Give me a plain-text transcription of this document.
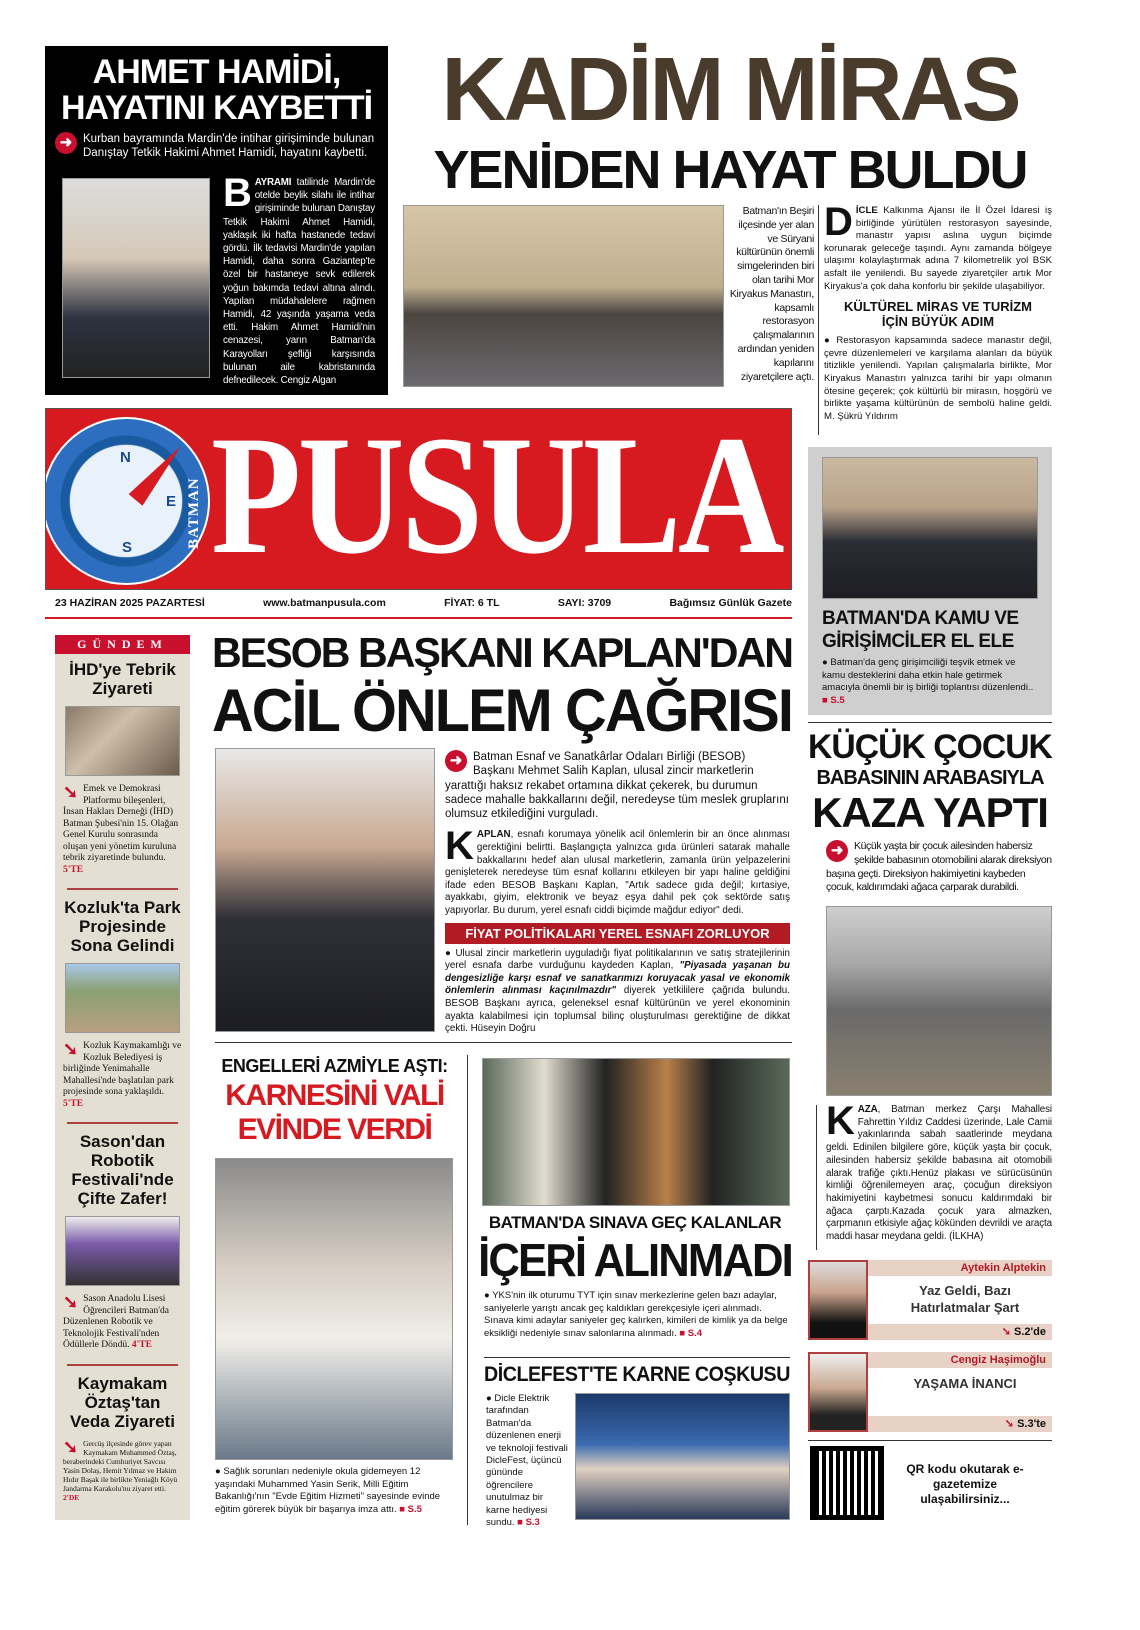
AHMET HAMİDİ,
HAYATINI KAYBETTİ
➜ Kurban bayramında Mardin'de intihar girişiminde bulunan Danıştay Tetkik Hakimi Ahmet Hamidi, hayatını kaybetti.
BAYRAMI tatilinde Mardin'de otelde beylik silahı ile intihar girişiminde bulunan Danıştay Tetkik Hakimi Ahmet Hamidi, yaklaşık iki hafta hastanede tedavi gördü. İlk tedavisi Mardin'de yapılan Hamidi, daha sonra Gaziantep'te özel bir hastaneye sevk edilerek yoğun bakımda tedavi altına alındı. Yapılan müdahalelere rağmen Hamidi, 42 yaşında yaşama veda etti. Hakim Ahmet Hamidi'nin cenazesi, yarın Batman'da Karayolları şefliği karşısında bulunan aile kabristanında defnedilecek. Cengiz Algan
KADİM MİRAS
YENİDEN HAYAT BULDU
Batman'ın Beşiri ilçesinde yer alan ve Süryani kültürünün önemli simgelerinden biri olan tarihi Mor Kiryakus Manastırı, kapsamlı restorasyon çalışmalarının ardından yeniden kapılarını ziyaretçilere açtı.
DİCLE Kalkınma Ajansı ile İl Özel İdaresi iş birliğinde yürütülen restorasyon sayesinde, manastır yapısı aslına uygun biçimde korunarak geleceğe taşındı. Aynı zamanda bölgeye ulaşımı kolaylaştırmak adına 7 kilometrelik yol BSK asfalt ile yenilendi. Bu sayede ziyaretçiler artık Mor Kiryakus'a çok daha konforlu bir şekilde ulaşabiliyor.
KÜLTÜREL MİRAS VE TURİZM İÇİN BÜYÜK ADIM
● Restorasyon kapsamında sadece manastır değil, çevre düzenlemeleri ve karşılama alanları da büyük titizlikle yenilendi. Yapılan çalışmalarla birlikte, Mor Kiryakus Manastırı yalnızca tarihi bir yapı olmanın ötesine geçerek; çok kültürlü bir mirasın, hoşgörü ve birlikte yaşama kültürünün de sembolü haline geldi. M. Şükrü Yıldırım
N
E
S	BATMAN PUSULA
23 HAZİRAN 2025 PAZARTESİ	www.batmanpusula.com	FİYAT: 6 TL	SAYI: 3709	Bağımsız Günlük Gazete
BATMAN'DA KAMU VE GİRİŞİMCİLER EL ELE
● Batman'da genç girişimciliği teşvik etmek ve kamu desteklerini daha etkin hale getirmek amacıyla önemli bir iş birliği toplantısı düzenlendi.. ■ S.5
GÜNDEM
İHD'ye Tebrik Ziyareti
➘ Emek ve Demokrasi Platformu bileşenleri, İnsan Hakları Derneği (İHD) Batman Şubesi'nin 15. Olağan Genel Kurulu sonrasında oluşan yeni yönetim kuruluna tebrik ziyaretinde bulundu. 5'TE
Kozluk'ta Park Projesinde Sona Gelindi
➘ Kozluk Kaymakamlığı ve Kozluk Belediyesi iş birliğinde Yenimahalle Mahallesi'nde başlatılan park projesinde sona yaklaşıldı. 5'TE
Sason'dan Robotik Festivali'nde Çifte Zafer!
➘ Sason Anadolu Lisesi Öğrencileri Batman'da Düzenlenen Robotik ve Teknolojik Festivali'nden Ödüllerle Döndü. 4'TE
Kaymakam Öztaş'tan Veda Ziyareti
➘ Gercüş ilçesinde görev yapan Kaymakam Muhammed Öztaş, beraberindeki Cumhuriyet Savcısı Yasin Dolaş, Hemit Yılmaz ve Hakim Hıdır Başak ile birlikte Yeniağlı Köyü Jandarma Karakolu'nu ziyaret etti. 2'DE
BESOB BAŞKANI KAPLAN'DAN
ACİL ÖNLEM ÇAĞRISI
➜ Batman Esnaf ve Sanatkârlar Odaları Birliği (BESOB) Başkanı Mehmet Salih Kaplan, ulusal zincir marketlerin yarattığı haksız rekabet ortamına dikkat çekerek, bu durumun sadece mahalle bakkallarını değil, neredeyse tüm meslek gruplarını olumsuz etkilediğini vurguladı.
KAPLAN, esnafı korumaya yönelik acil önlemlerin bir an önce alınması gerektiğini belirtti. Başlangıçta yalnızca gıda ürünleri satarak mahalle bakkallarını hedef alan ulusal marketlerin, zamanla ürün yelpazelerini genişleterek neredeyse tüm esnaf kollarını etkileyen bir yapı haline geldiğini ifade eden BESOB Başkanı Kaplan, "Artık sadece gıda değil; kırtasiye, ayakkabı, giyim, elektronik ve beyaz eşya dahil pek çok sektörde satış yapıyorlar. Bu durum, yerel esnafı ciddi biçimde mağdur ediyor" dedi.
FİYAT POLİTİKALARI YEREL ESNAFI ZORLUYOR
● Ulusal zincir marketlerin uyguladığı fiyat politikalarının ve satış stratejilerinin yerel esnafa darbe vurduğunu kaydeden Kaplan, "Piyasada yaşanan bu dengesizliğe karşı esnaf ve sanatkarımızı koruyacak yasal ve ekonomik önlemlerin alınması kaçınılmazdır" diyerek yetkililere çağrıda bulundu. BESOB Başkanı ayrıca, geleneksel esnaf kültürünün ve yerel ekonominin ayakta kalabilmesi için toplumsal bilinç oluşturulması gerektiğine de dikkat çekti. Hüseyin Doğru
ENGELLERİ AZMİYLE AŞTI:
KARNESİNİ VALİ EVİNDE VERDİ
● Sağlık sorunları nedeniyle okula gidemeyen 12 yaşındaki Muhammed Yasin Serik, Milli Eğitim Bakanlığı'nın "Evde Eğitim Hizmeti" sayesinde evinde eğitim görerek büyük bir başarıya imza attı. ■ S.5
BATMAN'DA SINAVA GEÇ KALANLAR
İÇERİ ALINMADI
● YKS'nin ilk oturumu TYT için sınav merkezlerine gelen bazı adaylar, saniyelerle yarıştı ancak geç kaldıkları gerekçesiyle içeri alınmadı. Sınava kimi adaylar saniyeler geç kalırken, kimileri de kimlik ya da belge eksikliği nedeniyle sınav salonlarına alınmadı. ■ S.4
DİCLEFEST'TE KARNE COŞKUSU
● Dicle Elektrik tarafından Batman'da düzenlenen enerji ve teknoloji festivali DicleFest, üçüncü gününde öğrencilere unutulmaz bir karne hediyesi sundu. ■ S.3
KÜÇÜK ÇOCUK
BABASININ ARABASIYLA
KAZA YAPTI
➜	Küçük yaşta bir çocuk ailesinden habersiz şekilde babasının otomobilini alarak direksiyon başına geçti. Direksiyon hakimiyetini kaybeden çocuk, kaldırımdaki ağaca çarparak durabildi.
KAZA, Batman merkez Çarşı Mahallesi Fahrettin Yıldız Caddesi üzerinde, Lale Camii yakınlarında sabah saatlerinde meydana geldi. Edinilen bilgilere göre, küçük yaşta bir çocuk, ailesinden habersiz şekilde babasına ait otomobili alarak trafiğe çıktı.Henüz plakası ve sürücüsünün kimliği öğrenilemeyen araç, çocuğun direksiyon hakimiyetini kaybetmesi sonucu kaldırımdaki bir ağaca çarptı.Kazada çocuk yara almazken, çarpmanın etkisiyle ağaç kökünden devrildi ve araçta maddi hasar meydana geldi. (İLKHA)
Aytekin Alptekin
Yaz Geldi, Bazı Hatırlatmalar Şart
➘ S.2'de
Cengiz Haşimoğlu
YAŞAMA İNANCI
➘ S.3'te
QR kodu okutarak e-gazetemize ulaşabilirsiniz...
